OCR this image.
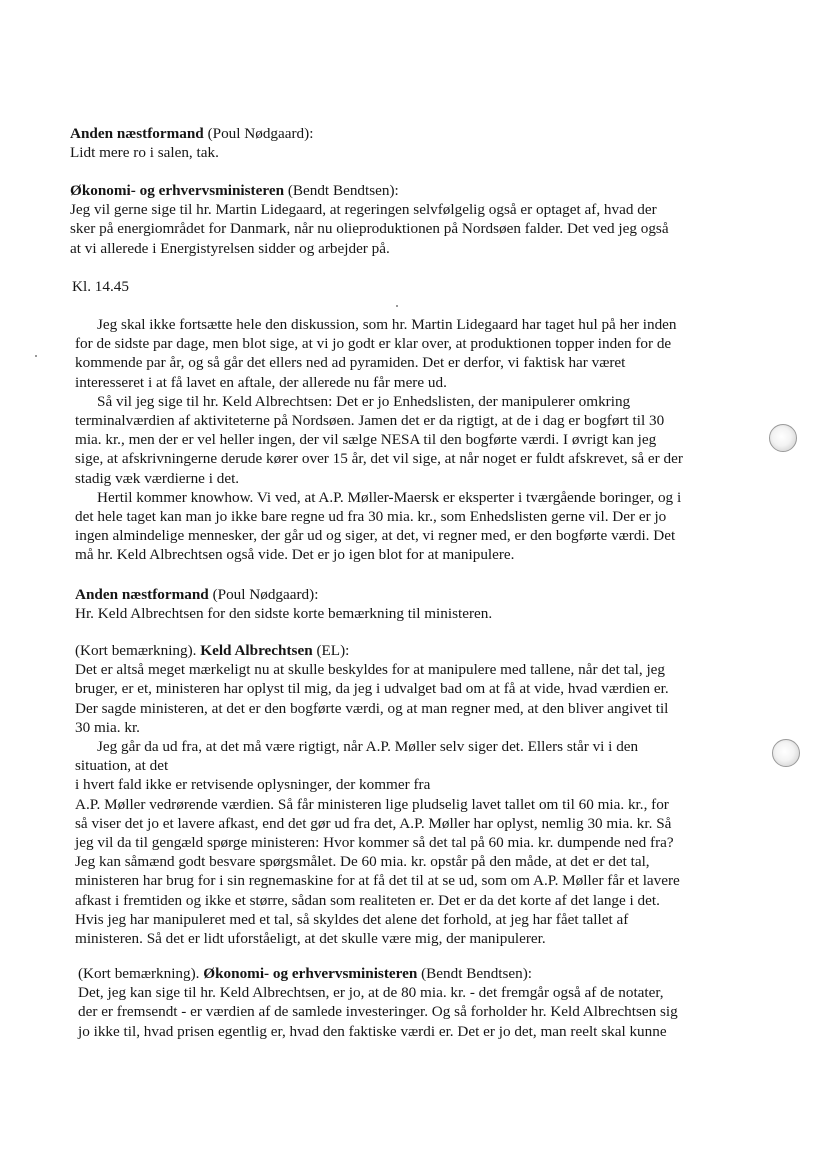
Anden næstformand (Poul Nødgaard):
Lidt mere ro i salen, tak.
Økonomi- og erhvervsministeren (Bendt Bendtsen):
Jeg vil gerne sige til hr. Martin Lidegaard, at regeringen selvfølgelig også er optaget af, hvad der
sker på energiområdet for Danmark, når nu olieproduktionen på Nordsøen falder. Det ved jeg også
at vi allerede i Energistyrelsen sidder og arbejder på.
Kl. 14.45
Jeg skal ikke fortsætte hele den diskussion, som hr. Martin Lidegaard har taget hul på her inden
for de sidste par dage, men blot sige, at vi jo godt er klar over, at produktionen topper inden for de
kommende par år, og så går det ellers ned ad pyramiden. Det er derfor, vi faktisk har været
interesseret i at få lavet en aftale, der allerede nu får mere ud.
Så vil jeg sige til hr. Keld Albrechtsen: Det er jo Enhedslisten, der manipulerer omkring
terminalværdien af aktiviteterne på Nordsøen. Jamen det er da rigtigt, at de i dag er bogført til 30
mia. kr., men der er vel heller ingen, der vil sælge NESA til den bogførte værdi. I øvrigt kan jeg
sige, at afskrivningerne derude kører over 15 år, det vil sige, at når noget er fuldt afskrevet, så er der
stadig væk værdierne i det.
Hertil kommer knowhow. Vi ved, at A.P. Møller-Maersk er eksperter i tværgående boringer, og i
det hele taget kan man jo ikke bare regne ud fra 30 mia. kr., som Enhedslisten gerne vil. Der er jo
ingen almindelige mennesker, der går ud og siger, at det, vi regner med, er den bogførte værdi. Det
må hr. Keld Albrechtsen også vide. Det er jo igen blot for at manipulere.
Anden næstformand (Poul Nødgaard):
Hr. Keld Albrechtsen for den sidste korte bemærkning til ministeren.
(Kort bemærkning). Keld Albrechtsen (EL):
Det er altså meget mærkeligt nu at skulle beskyldes for at manipulere med tallene, når det tal, jeg
bruger, er et, ministeren har oplyst til mig, da jeg i udvalget bad om at få at vide, hvad værdien er.
Der sagde ministeren, at det er den bogførte værdi, og at man regner med, at den bliver angivet til
30 mia. kr.
Jeg går da ud fra, at det må være rigtigt, når A.P. Møller selv siger det. Ellers står vi i den
situation, at det
i hvert fald ikke er retvisende oplysninger, der kommer fra
A.P. Møller vedrørende værdien. Så får ministeren lige pludselig lavet tallet om til 60 mia. kr., for
så viser det jo et lavere afkast, end det gør ud fra det, A.P. Møller har oplyst, nemlig 30 mia. kr. Så
jeg vil da til gengæld spørge ministeren: Hvor kommer så det tal på 60 mia. kr. dumpende ned fra?
Jeg kan såmænd godt besvare spørgsmålet. De 60 mia. kr. opstår på den måde, at det er det tal,
ministeren har brug for i sin regnemaskine for at få det til at se ud, som om A.P. Møller får et lavere
afkast i fremtiden og ikke et større, sådan som realiteten er. Det er da det korte af det lange i det.
Hvis jeg har manipuleret med et tal, så skyldes det alene det forhold, at jeg har fået tallet af
ministeren. Så det er lidt uforståeligt, at det skulle være mig, der manipulerer.
(Kort bemærkning). Økonomi- og erhvervsministeren (Bendt Bendtsen):
Det, jeg kan sige til hr. Keld Albrechtsen, er jo, at de 80 mia. kr. - det fremgår også af de notater,
der er fremsendt - er værdien af de samlede investeringer. Og så forholder hr. Keld Albrechtsen sig
jo ikke til, hvad prisen egentlig er, hvad den faktiske værdi er. Det er jo det, man reelt skal kunne
